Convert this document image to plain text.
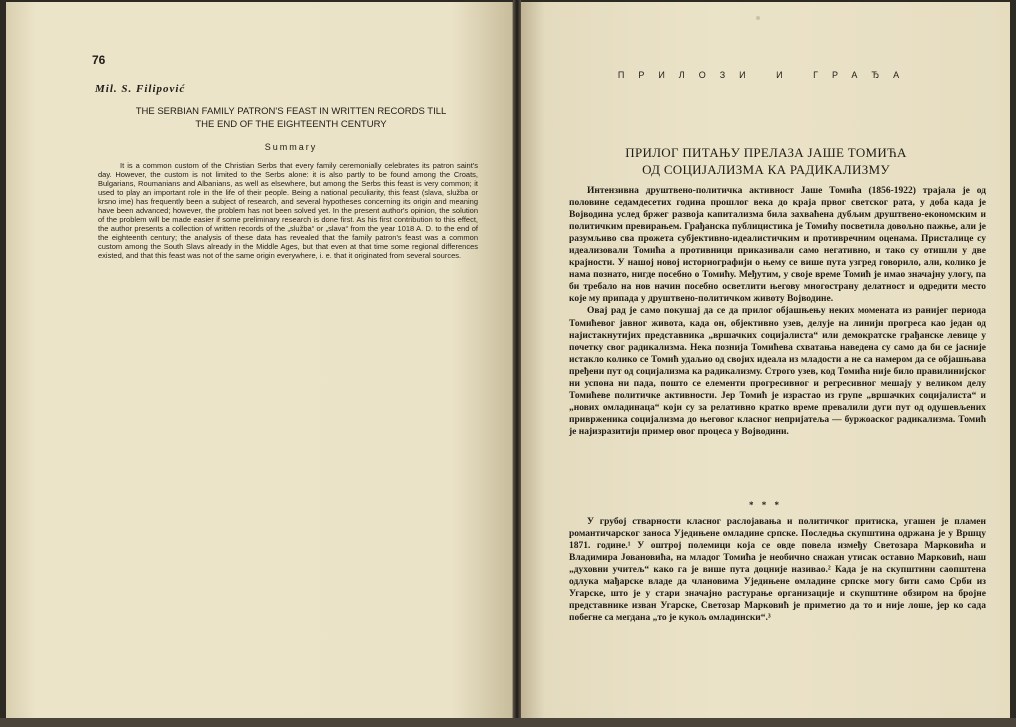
76
Mil. S. Filipović
THE SERBIAN FAMILY PATRON'S FEAST IN WRITTEN RECORDS TILL
THE END OF THE EIGHTEENTH CENTURY
Summary
It is a common custom of the Christian Serbs that every family ceremonially celebrates its patron saint's day. However, the custom is not limited to the Serbs alone: it is also partly to be found among the Croats, Bulgarians, Roumanians and Albanians, as well as elsewhere, but among the Serbs this feast is very common; it used to play an important role in the life of their people. Being a national peculiarity, this feast (slava, služba or krsno ime) has frequently been a subject of research, and several hypotheses concerning its origin and meaning have been advanced; however, the problem has not been solved yet. In the present author's opinion, the solution of the problem will be made easier if some preliminary research is done first. As his first contribution to this effect, the author presents a collection of written records of the „služba“ or „slava“ from the year 1018 A. D. to the end of the eighteenth century; the analysis of these data has revealed that the family patron's feast was a common custom among the South Slavs already in the Middle Ages, but that even at that time some regional differences existed, and that this feast was not of the same origin everywhere, i. e. that it originated from several sources.
ПРИЛОЗИ И ГРАЂА
ПРИЛОГ ПИТАЊУ ПРЕЛАЗА ЈАШЕ ТОМИЋА
ОД СОЦИЈАЛИЗМА КА РАДИКАЛИЗМУ

Интензивна друштвено-политичка активност Јаше Томића (1856-1922) трајала је од половине седамдесетих година прошлог века до краја првог светског рата, у доба када је Војводина услед бржег развоја капитализма била захваћена дубљим друштвено-економским и политичким превирањем. Грађанска публицистика је Томићу посветила довољно пажње, али је разумљиво сва прожета субјективно-идеалистичким и противречним оценама. Присталице су идеализовали Томића а противници приказивали само негативно, и тако су отишли у две крајности. У нашој новој историографији о њему се више пута узгред говорило, али, колико је нама познато, нигде посебно о Томићу. Међутим, у своје време Томић је имао значајну улогу, па би требало на нов начин посебно осветлити његову многострану делатност и одредити место које му припада у друштвено-политичком животу Војводине.

Овај рад је само покушај да се да прилог објашњењу неких момената из ранијег периода Томићевог јавног живота, када он, објективно узев, делује на линији прогреса као један од најистакнутијих представника „вршачких социјалиста“ или демократске грађанске левице у почетку свог радикализма. Нека познија Томићева схватања наведена су само да би се јасније истакло колико се Томић удаљио од својих идеала из младости а не са намером да се објашњава пређени пут од социјализма ка радикализму. Строго узев, код Томића није било правилинијског ни успона ни пада, пошто се елементи прогресивног и регресивног мешају у великом делу Томићеве политичке активности. Јер Томић је израстао из групе „вршачких социјалиста“ и „нових омладинаца“ који су за релативно кратко време превалили дуги пут од одушевљених приврженика социјализма до његовог класног непријатеља — буржоаског радикализма. Томић је најизразитији пример овог процеса у Војводини.

* * *

У грубој стварности класног раслојавања и политичког притиска, угашен је пламен романтичарског заноса Уједињене омладине српске. Последња скупштина одржана је у Вршцу 1871. године.¹ У оштрој полемици која се овде повела између Светозара Марковића и Владимира Јовановића, на младог Томића је необично снажан утисак оставио Марковић, наш „духовни учитељ“ како га је више пута доцније називао.² Када је на скупштини саопштена одлука мађарске владе да члановима Уједињене омладине српске могу бити само Срби из Угарске, што је у стари значајно растурање организације и скупштине обзиром на бројне представнике изван Угарске, Светозар Марковић је приметио да то и није лоше, јер ко сада побегне са мегдана „то је кукољ омладински“.³
